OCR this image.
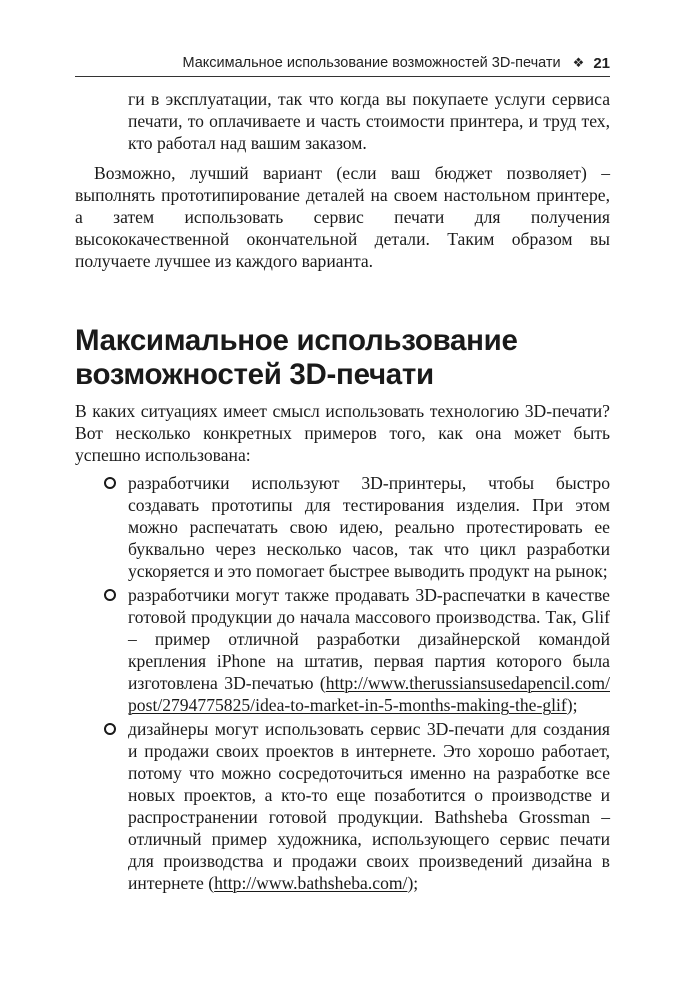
Максимальное использование возможностей 3D-печати ❖ 21

ги в эксплуатации, так что когда вы покупаете услуги сервиса печати, то оплачиваете и часть стоимости принтера, и труд тех, кто работал над вашим заказом.

Возможно, лучший вариант (если ваш бюджет позволяет) – выполнять прототипирование деталей на своем настольном принтере, а затем использовать сервис печати для получения высококачественной окончательной детали. Таким образом вы получаете лучшее из каждого варианта.

Максимальное использование возможностей 3D-печати

В каких ситуациях имеет смысл использовать технологию 3D-печати? Вот несколько конкретных примеров того, как она может быть успешно использована:

разработчики используют 3D-принтеры, чтобы быстро создавать прототипы для тестирования изделия. При этом можно распечатать свою идею, реально протестировать ее буквально через несколько часов, так что цикл разработки ускоряется и это помогает быстрее выводить продукт на рынок;
разработчики могут также продавать 3D-распечатки в качестве готовой продукции до начала массового производства. Так, Glif – пример отличной разработки дизайнерской командой крепления iPhone на штатив, первая партия которого была изготовлена 3D-печатью (http://www.therussiansusedapencil.com/post/2794775825/idea-to-market-in-5-months-making-the-glif);
дизайнеры могут использовать сервис 3D-печати для создания и продажи своих проектов в интернете. Это хорошо работает, потому что можно сосредоточиться именно на разработке все новых проектов, а кто-то еще позаботится о производстве и распространении готовой продукции. Bathsheba Grossman – отличный пример художника, использующего сервис печати для производства и продажи своих произведений дизайна в интернете (http://www.bathsheba.com/);
